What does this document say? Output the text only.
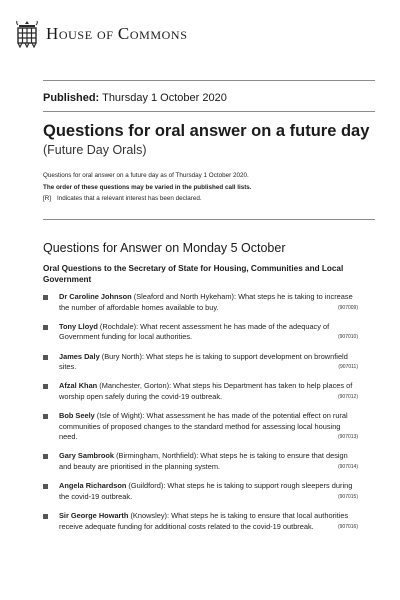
HOUSE OF COMMONS
Published: Thursday 1 October 2020
Questions for oral answer on a future day
(Future Day Orals)
Questions for oral answer on a future day as of Thursday 1 October 2020.
The order of these questions may be varied in the published call lists.
[R] Indicates that a relevant interest has been declared.
Questions for Answer on Monday 5 October
Oral Questions to the Secretary of State for Housing, Communities and Local Government
Dr Caroline Johnson (Sleaford and North Hykeham): What steps he is taking to increase the number of affordable homes available to buy.	(907009)
Tony Lloyd (Rochdale): What recent assessment he has made of the adequacy of Government funding for local authorities.	(907010)
James Daly (Bury North): What steps he is taking to support development on brownfield sites.	(907011)
Afzal Khan (Manchester, Gorton): What steps his Department has taken to help places of worship open safely during the covid-19 outbreak.	(907012)
Bob Seely (Isle of Wight): What assessment he has made of the potential effect on rural communities of proposed changes to the standard method for assessing local housing need.	(907013)
Gary Sambrook (Birmingham, Northfield): What steps he is taking to ensure that design and beauty are prioritised in the planning system.	(907014)
Angela Richardson (Guildford): What steps he is taking to support rough sleepers during the covid-19 outbreak.	(907015)
Sir George Howarth (Knowsley): What steps he is taking to ensure that local authorities receive adequate funding for additional costs related to the covid-19 outbreak.	(907016)
